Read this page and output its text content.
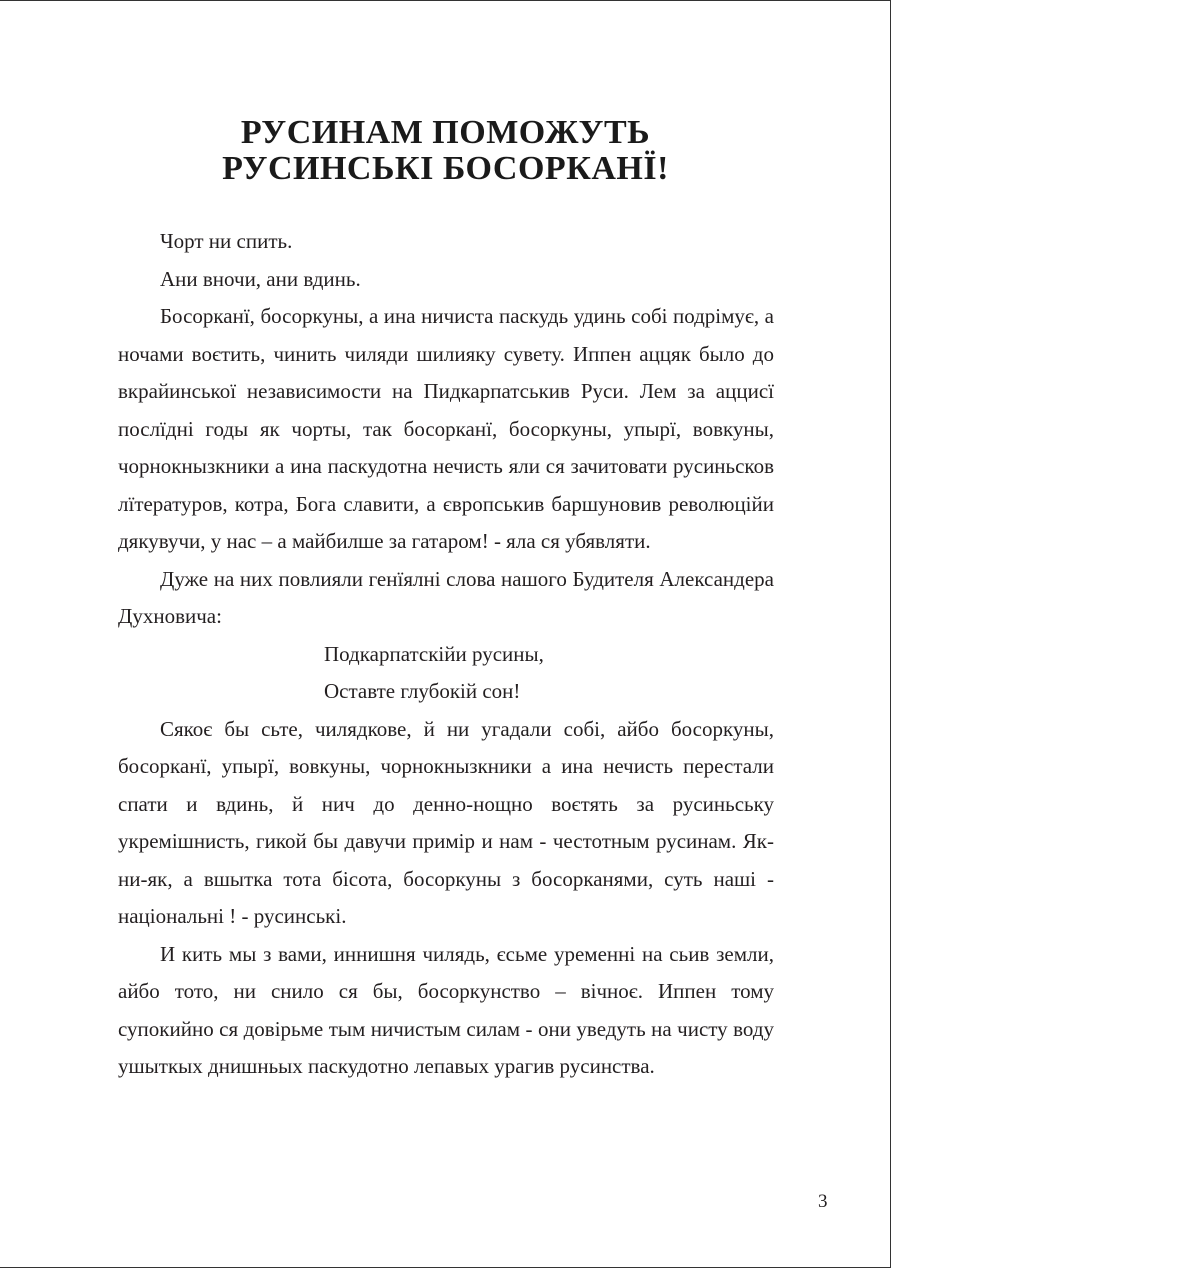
РУСИНАМ ПОМОЖУТЬ
РУСИНСЬКІ БОСОРКАНЇ!

Чорт ни спить.

Ани вночи, ани вдинь.

Босорканї, босоркуны, а ина ничиста паскудь удинь собі подрімує, а ночами воєтить, чинить чиляди шилияку сувету. Иппен аццяк было до вкрайинської независимости на Пидкарпатськив Руси. Лем за аццисї послїдні годы як чорты, так босорканї, босоркуны, упырї, вовкуны, чорнокнызкники а ина паскудотна нечисть яли ся зачитовати русиньсков лїтературов, котра, Бога славити, а європськив баршуновив революційи дякувучи, у нас – а майбилше за гатаром! - яла ся убявляти.

Дуже на них повлияли генїялні слова нашого Будителя Александера Духновича:

Подкарпатскійи русины,

Оставте глубокій сон!

Сякоє бы сьте, чилядкове, й ни угадали собі, айбо босоркуны, босорканї, упырї, вовкуны, чорнокнызкники а ина нечисть перестали спати и вдинь, й нич до денно-нощно воєтять за русиньську укремішнисть, гикой бы давучи примір и нам - честотным русинам. Як-ни-як, а вшытка тота бісота, босоркуны з босорканями, суть наші - національні ! - русинські.

И кить мы з вами, иннишня чилядь, єсьме уременні на сьив земли, айбо тото, ни снило ся бы, босоркунство – вічноє. Иппен тому супокийно ся довірьме тым ничистым силам - они уведуть на чисту воду ушыткых днишньых паскудотно лепавых урагив русинства.

3
